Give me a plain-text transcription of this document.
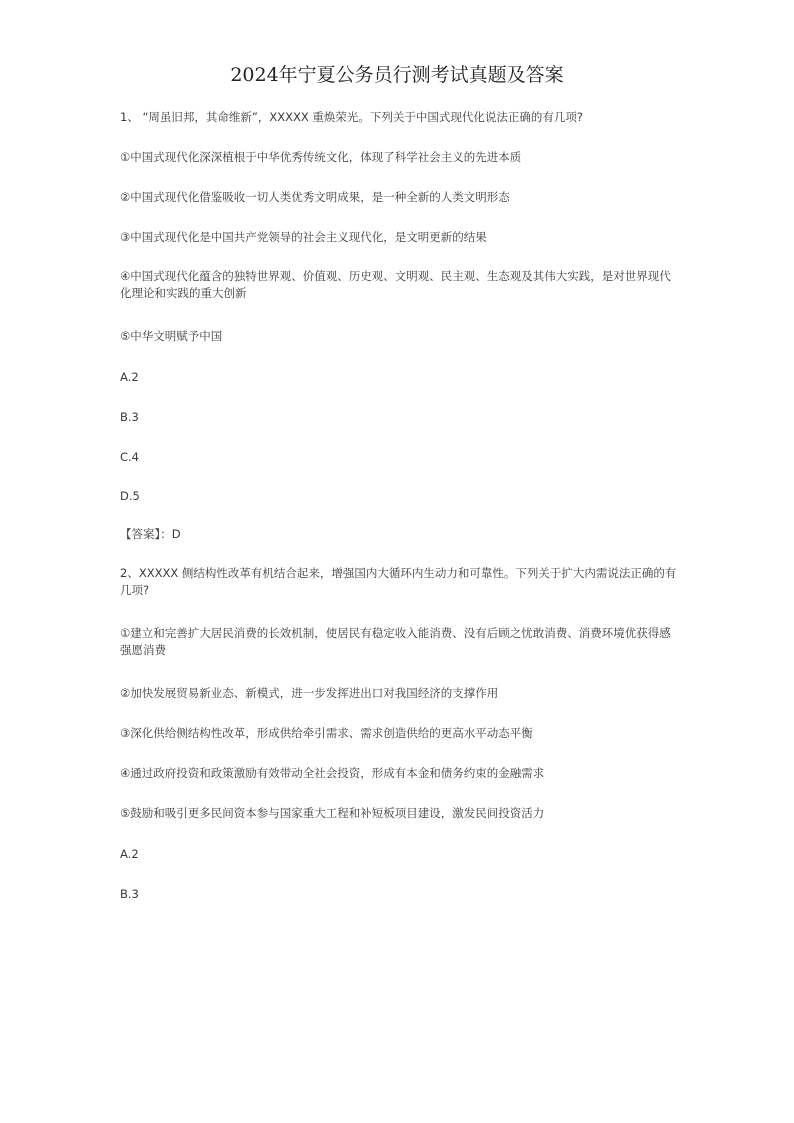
2024年宁夏公务员行测考试真题及答案

1、 “周虽旧邦，其命维新”，XXXXX 重焕荣光。下列关于中国式现代化说法正确的有几项?

①中国式现代化深深植根于中华优秀传统文化，体现了科学社会主义的先进本质

②中国式现代化借鉴吸收一切人类优秀文明成果，是一种全新的人类文明形态

③中国式现代化是中国共产党领导的社会主义现代化，是文明更新的结果

④中国式现代化蕴含的独特世界观、价值观、历史观、文明观、民主观、生态观及其伟大实践，是对世界现代化理论和实践的重大创新

⑤中华文明赋予中国

A.2

B.3

C.4

D.5

【答案】：D

2、XXXXX 侧结构性改革有机结合起来，增强国内大循环内生动力和可靠性。下列关于扩大内需说法正确的有几项?

①建立和完善扩大居民消费的长效机制，使居民有稳定收入能消费、没有后顾之忧敢消费、消费环境优获得感强愿消费

②加快发展贸易新业态、新模式，进一步发挥进出口对我国经济的支撑作用

③深化供给侧结构性改革，形成供给牵引需求、需求创造供给的更高水平动态平衡

④通过政府投资和政策激励有效带动全社会投资，形成有本金和债务约束的金融需求

⑤鼓励和吸引更多民间资本参与国家重大工程和补短板项目建设，激发民间投资活力

A.2

B.3
